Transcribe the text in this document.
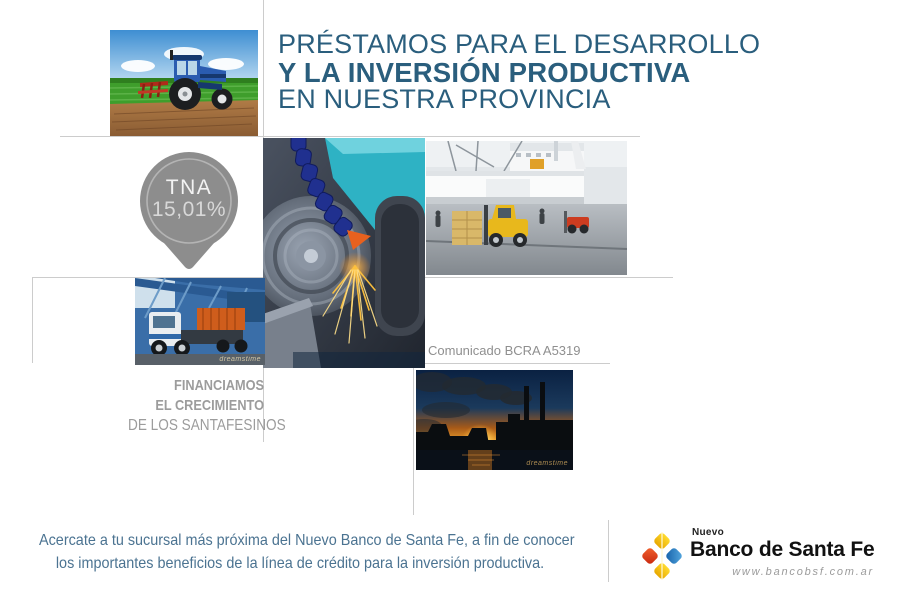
PRÉSTAMOS PARA EL DESARROLLO
Y LA INVERSIÓN PRODUCTIVA
EN NUESTRA PROVINCIA
TNA
15,01%
dreamstime
FINANCIAMOS
EL CRECIMIENTO
DE LOS SANTAFESINOS
Comunicado BCRA A5319
dreamstime
Acercate a tu sucursal más próxima del Nuevo Banco de Santa Fe, a fin de conocer
los importantes beneficios de la línea de crédito para la inversión productiva.
Nuevo
Banco de Santa Fe
www.bancobsf.com.ar
